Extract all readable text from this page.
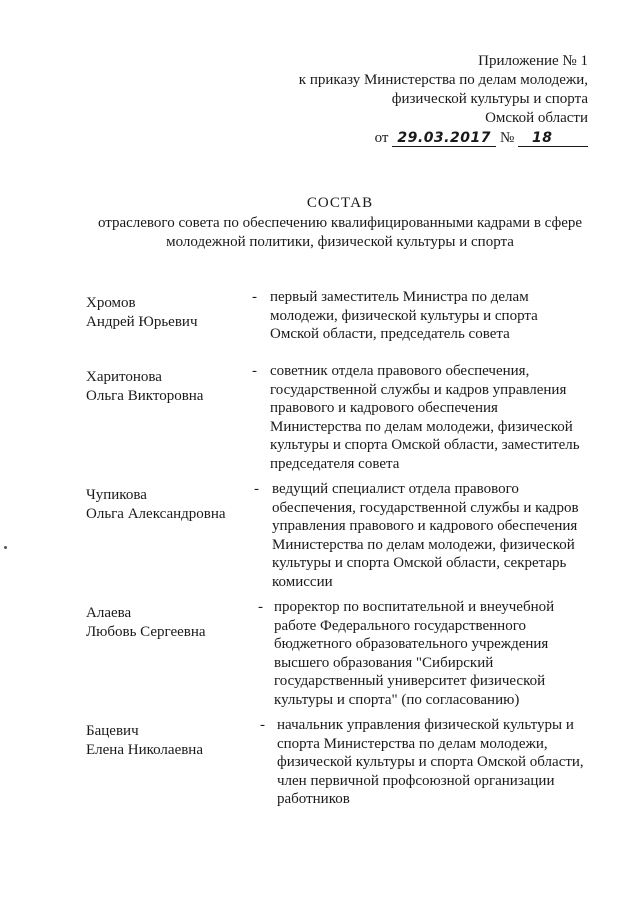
Приложение № 1
к приказу Министерства по делам молодежи,
физической культуры и спорта
Омской области
от 29.03.2017 № 18
СОСТАВ
отраслевого совета по обеспечению квалифицированными кадрами в сфере
молодежной политики, физической культуры и спорта
Хромов
Андрей Юрьевич
- первый заместитель Министра по делам
молодежи, физической культуры и спорта
Омской области, председатель совета
Харитонова
Ольга Викторовна
- советник отдела правового обеспечения,
государственной службы и кадров управления
правового и кадрового обеспечения
Министерства по делам молодежи, физической
культуры и спорта Омской области, заместитель
председателя совета
Чупикова
Ольга Александровна
- ведущий специалист отдела правового
обеспечения, государственной службы и кадров
управления правового и кадрового обеспечения
Министерства по делам молодежи, физической
культуры и спорта Омской области, секретарь
комиссии
Алаева
Любовь Сергеевна
- проректор по воспитательной и внеучебной
работе Федерального государственного
бюджетного образовательного учреждения
высшего образования "Сибирский
государственный университет физической
культуры и спорта" (по согласованию)
Бацевич
Елена Николаевна
- начальник управления физической культуры и
спорта Министерства по делам молодежи,
физической культуры и спорта Омской области,
член первичной профсоюзной организации
работников
